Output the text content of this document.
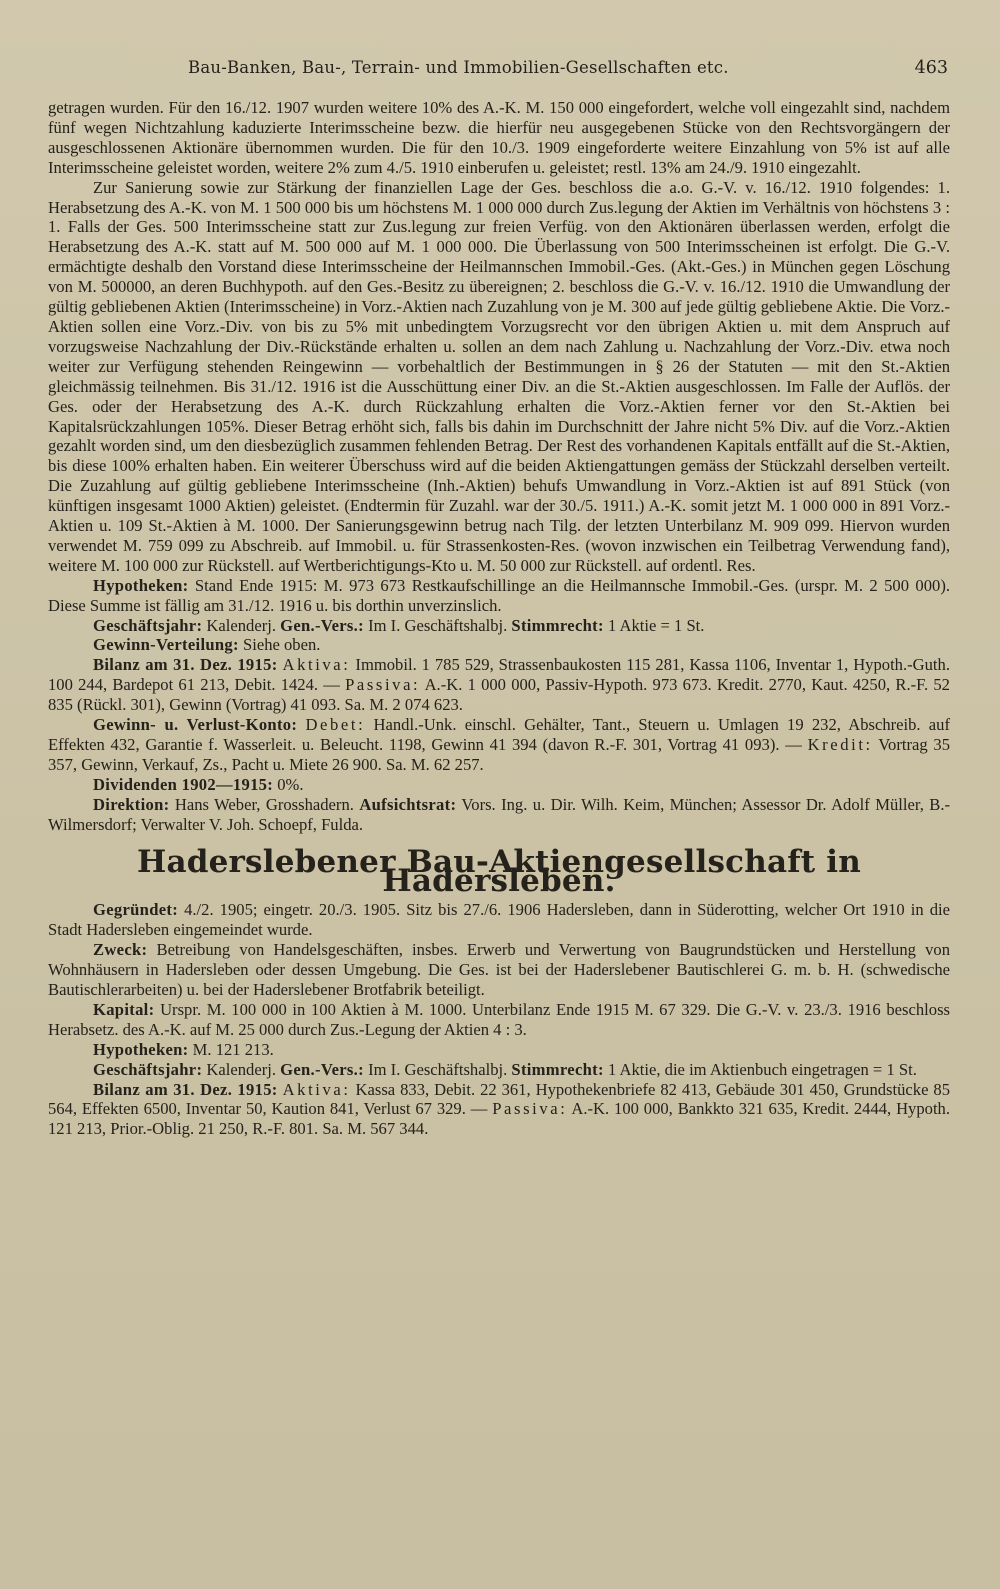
Bau-Banken, Bau-, Terrain- und Immobilien-Gesellschaften etc.	463

getragen wurden. Für den 16./12. 1907 wurden weitere 10% des A.-K. M. 150 000 eingefordert, welche voll eingezahlt sind, nachdem fünf wegen Nichtzahlung kaduzierte Interimsscheine bezw. die hierfür neu ausgegebenen Stücke von den Rechtsvorgängern der ausgeschlossenen Aktionäre übernommen wurden. Die für den 10./3. 1909 eingeforderte weitere Einzahlung von 5% ist auf alle Interimsscheine geleistet worden, weitere 2% zum 4./5. 1910 einberufen u. geleistet; restl. 13% am 24./9. 1910 eingezahlt.

Zur Sanierung sowie zur Stärkung der finanziellen Lage der Ges. beschloss die a.o. G.-V. v. 16./12. 1910 folgendes: 1. Herabsetzung des A.-K. von M. 1 500 000 bis um höchstens M. 1 000 000 durch Zus.legung der Aktien im Verhältnis von höchstens 3 : 1. Falls der Ges. 500 Interimsscheine statt zur Zus.legung zur freien Verfüg. von den Aktionären überlassen werden, erfolgt die Herabsetzung des A.-K. statt auf M. 500 000 auf M. 1 000 000. Die Überlassung von 500 Interimsscheinen ist erfolgt. Die G.-V. ermächtigte deshalb den Vorstand diese Interimsscheine der Heilmannschen Immobil.-Ges. (Akt.-Ges.) in München gegen Löschung von M. 500000, an deren Buchhypoth. auf den Ges.-Besitz zu übereignen; 2. beschloss die G.-V. v. 16./12. 1910 die Umwandlung der gültig gebliebenen Aktien (Interimsscheine) in Vorz.-Aktien nach Zuzahlung von je M. 300 auf jede gültig gebliebene Aktie. Die Vorz.-Aktien sollen eine Vorz.-Div. von bis zu 5% mit unbedingtem Vorzugsrecht vor den übrigen Aktien u. mit dem Anspruch auf vorzugsweise Nachzahlung der Div.-Rückstände erhalten u. sollen an dem nach Zahlung u. Nachzahlung der Vorz.-Div. etwa noch weiter zur Verfügung stehenden Reingewinn — vorbehaltlich der Bestimmungen in § 26 der Statuten — mit den St.-Aktien gleichmässig teilnehmen. Bis 31./12. 1916 ist die Ausschüttung einer Div. an die St.-Aktien ausgeschlossen. Im Falle der Auflös. der Ges. oder der Herabsetzung des A.-K. durch Rückzahlung erhalten die Vorz.-Aktien ferner vor den St.-Aktien bei Kapitalsrückzahlungen 105%. Dieser Betrag erhöht sich, falls bis dahin im Durchschnitt der Jahre nicht 5% Div. auf die Vorz.-Aktien gezahlt worden sind, um den diesbezüglich zusammen fehlenden Betrag. Der Rest des vorhandenen Kapitals entfällt auf die St.-Aktien, bis diese 100% erhalten haben. Ein weiterer Überschuss wird auf die beiden Aktiengattungen gemäss der Stückzahl derselben verteilt. Die Zuzahlung auf gültig gebliebene Interimsscheine (Inh.-Aktien) behufs Umwandlung in Vorz.-Aktien ist auf 891 Stück (von künftigen insgesamt 1000 Aktien) geleistet. (Endtermin für Zuzahl. war der 30./5. 1911.) A.-K. somit jetzt M. 1 000 000 in 891 Vorz.-Aktien u. 109 St.-Aktien à M. 1000. Der Sanierungsgewinn betrug nach Tilg. der letzten Unterbilanz M. 909 099. Hiervon wurden verwendet M. 759 099 zu Abschreib. auf Immobil. u. für Strassenkosten-Res. (wovon inzwischen ein Teilbetrag Verwendung fand), weitere M. 100 000 zur Rückstell. auf Wertberichtigungs-Kto u. M. 50 000 zur Rückstell. auf ordentl. Res.

Hypotheken: Stand Ende 1915: M. 973 673 Restkaufschillinge an die Heilmannsche Immobil.-Ges. (urspr. M. 2 500 000). Diese Summe ist fällig am 31./12. 1916 u. bis dorthin unverzinslich.

Geschäftsjahr: Kalenderj. Gen.-Vers.: Im I. Geschäftshalbj. Stimmrecht: 1 Aktie = 1 St.

Gewinn-Verteilung: Siehe oben.

Bilanz am 31. Dez. 1915: Aktiva: Immobil. 1 785 529, Strassenbaukosten 115 281, Kassa 1106, Inventar 1, Hypoth.-Guth. 100 244, Bardepot 61 213, Debit. 1424. — Passiva: A.-K. 1 000 000, Passiv-Hypoth. 973 673. Kredit. 2770, Kaut. 4250, R.-F. 52 835 (Rückl. 301), Gewinn (Vortrag) 41 093. Sa. M. 2 074 623.

Gewinn- u. Verlust-Konto: Debet: Handl.-Unk. einschl. Gehälter, Tant., Steuern u. Umlagen 19 232, Abschreib. auf Effekten 432, Garantie f. Wasserleit. u. Beleucht. 1198, Gewinn 41 394 (davon R.-F. 301, Vortrag 41 093). — Kredit: Vortrag 35 357, Gewinn, Verkauf, Zs., Pacht u. Miete 26 900. Sa. M. 62 257.

Dividenden 1902—1915: 0%.

Direktion: Hans Weber, Grosshadern. Aufsichtsrat: Vors. Ing. u. Dir. Wilh. Keim, München; Assessor Dr. Adolf Müller, B.-Wilmersdorf; Verwalter V. Joh. Schoepf, Fulda.

Haderslebener Bau-Aktiengesellschaft in Hadersleben.

Gegründet: 4./2. 1905; eingetr. 20./3. 1905. Sitz bis 27./6. 1906 Hadersleben, dann in Süderotting, welcher Ort 1910 in die Stadt Hadersleben eingemeindet wurde.

Zweck: Betreibung von Handelsgeschäften, insbes. Erwerb und Verwertung von Baugrundstücken und Herstellung von Wohnhäusern in Hadersleben oder dessen Umgebung. Die Ges. ist bei der Haderslebener Bautischlerei G. m. b. H. (schwedische Bautischlerarbeiten) u. bei der Haderslebener Brotfabrik beteiligt.

Kapital: Urspr. M. 100 000 in 100 Aktien à M. 1000. Unterbilanz Ende 1915 M. 67 329. Die G.-V. v. 23./3. 1916 beschloss Herabsetz. des A.-K. auf M. 25 000 durch Zus.-Legung der Aktien 4 : 3.

Hypotheken: M. 121 213.

Geschäftsjahr: Kalenderj. Gen.-Vers.: Im I. Geschäftshalbj. Stimmrecht: 1 Aktie, die im Aktienbuch eingetragen = 1 St.

Bilanz am 31. Dez. 1915: Aktiva: Kassa 833, Debit. 22 361, Hypothekenbriefe 82 413, Gebäude 301 450, Grundstücke 85 564, Effekten 6500, Inventar 50, Kaution 841, Verlust 67 329. — Passiva: A.-K. 100 000, Bankkto 321 635, Kredit. 2444, Hypoth. 121 213, Prior.-Oblig. 21 250, R.-F. 801. Sa. M. 567 344.
